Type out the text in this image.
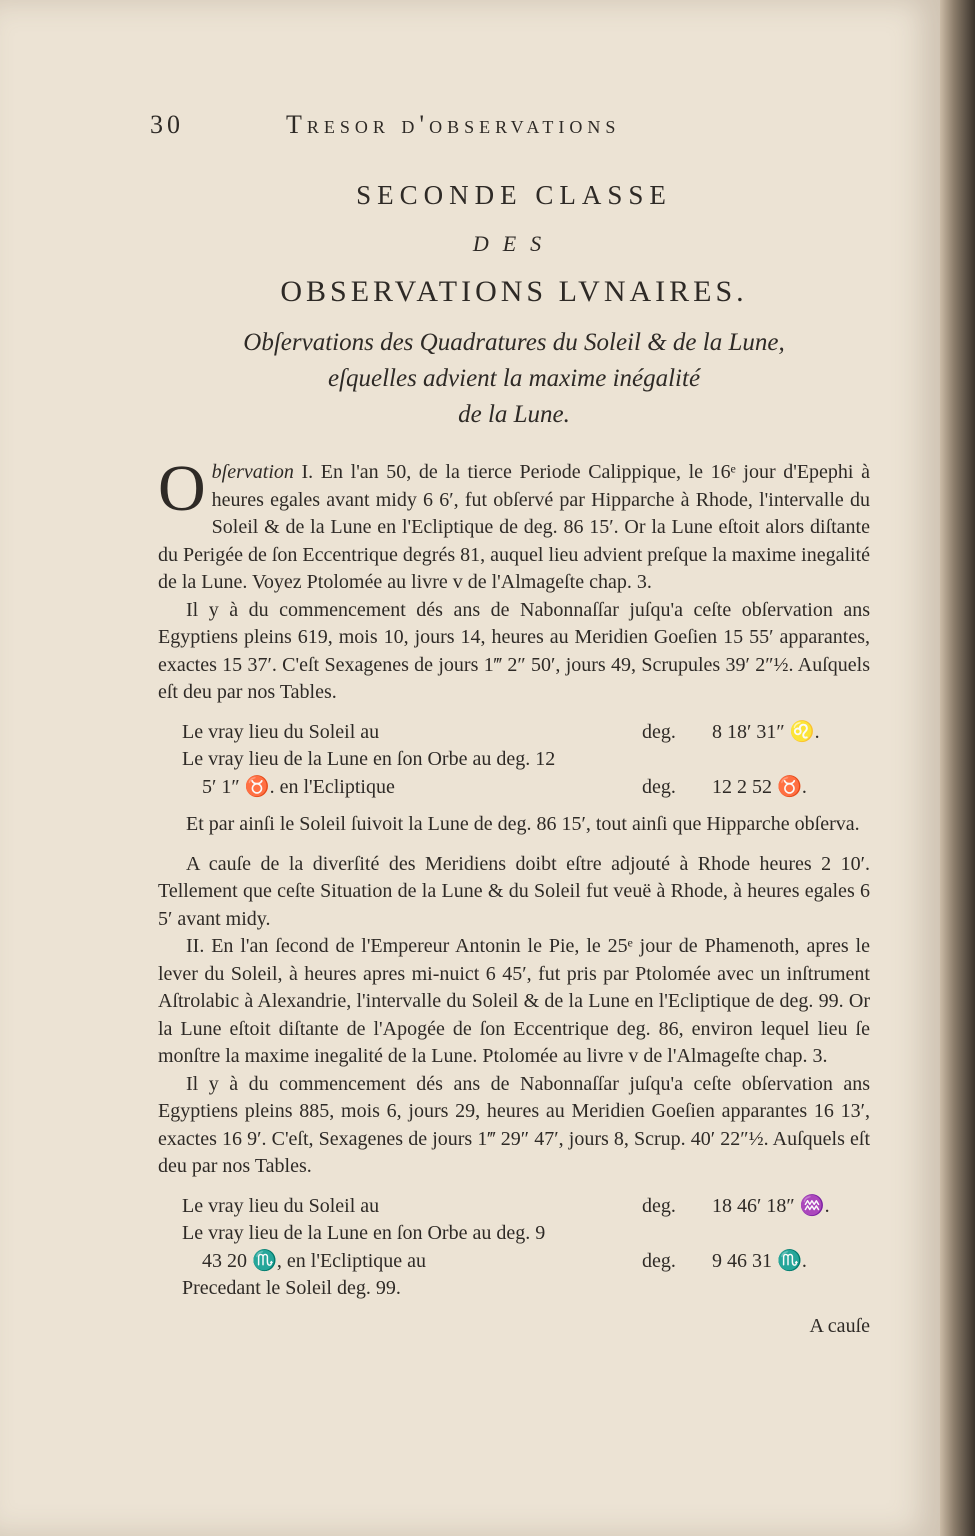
30	Tresor d'observations
SECONDE CLASSE
DES
OBSERVATIONS LVNAIRES.
Obſervations des Quadratures du Soleil & de la Lune,
eſquelles advient la maxime inégalité
de la Lune.

Obſervation I. En l'an 50, de la tierce Periode Calippique, le 16ᵉ jour d'Epephi à heures egales avant midy 6 6′, fut obſervé par Hipparche à Rhode, l'intervalle du Soleil & de la Lune en l'Ecliptique de deg. 86 15′. Or la Lune eſtoit alors diſtante du Perigée de ſon Eccentrique degrés 81, auquel lieu advient preſque la maxime inegalité de la Lune. Voyez Ptolomée au livre v de l'Almageſte chap. 3.

Il y à du commencement dés ans de Nabonnaſſar juſqu'a ceſte obſervation ans Egyptiens pleins 619, mois 10, jours 14, heures au Meridien Goeſien 15 55′ apparantes, exactes 15 37′. C'eſt Sexagenes de jours 1‴ 2″ 50′, jours 49, Scrupules 39′ 2″½. Auſquels eſt deu par nos Tables.

Le vray lieu du Soleil au	deg.	8 18′ 31″ ♌.
Le vray lieu de la Lune en ſon Orbe au deg. 12		
5′ 1″ ♉. en l'Ecliptique	deg.	12 2 52 ♉.

Et par ainſi le Soleil ſuivoit la Lune de deg. 86 15′, tout ainſi que Hipparche obſerva.

A cauſe de la diverſité des Meridiens doibt eſtre adjouté à Rhode heures 2 10′. Tellement que ceſte Situation de la Lune & du Soleil fut veuë à Rhode, à heures egales 6 5′ avant midy.

II. En l'an ſecond de l'Empereur Antonin le Pie, le 25ᵉ jour de Phamenoth, apres le lever du Soleil, à heures apres mi-nuict 6 45′, fut pris par Ptolomée avec un inſtrument Aſtrolabic à Alexandrie, l'intervalle du Soleil & de la Lune en l'Ecliptique de deg. 99. Or la Lune eſtoit diſtante de l'Apogée de ſon Eccentrique deg. 86, environ lequel lieu ſe monſtre la maxime inegalité de la Lune. Ptolomée au livre v de l'Almageſte chap. 3.

Il y à du commencement dés ans de Nabonnaſſar juſqu'a ceſte obſervation ans Egyptiens pleins 885, mois 6, jours 29, heures au Meridien Goeſien apparantes 16 13′, exactes 16 9′. C'eſt, Sexagenes de jours 1‴ 29″ 47′, jours 8, Scrup. 40′ 22″½. Auſquels eſt deu par nos Tables.

Le vray lieu du Soleil au	deg.	18 46′ 18″ ♒.
Le vray lieu de la Lune en ſon Orbe au deg. 9		
43 20 ♏, en l'Ecliptique au	deg.	9 46 31 ♏.
Precedant le Soleil deg. 99.		
A cauſe
